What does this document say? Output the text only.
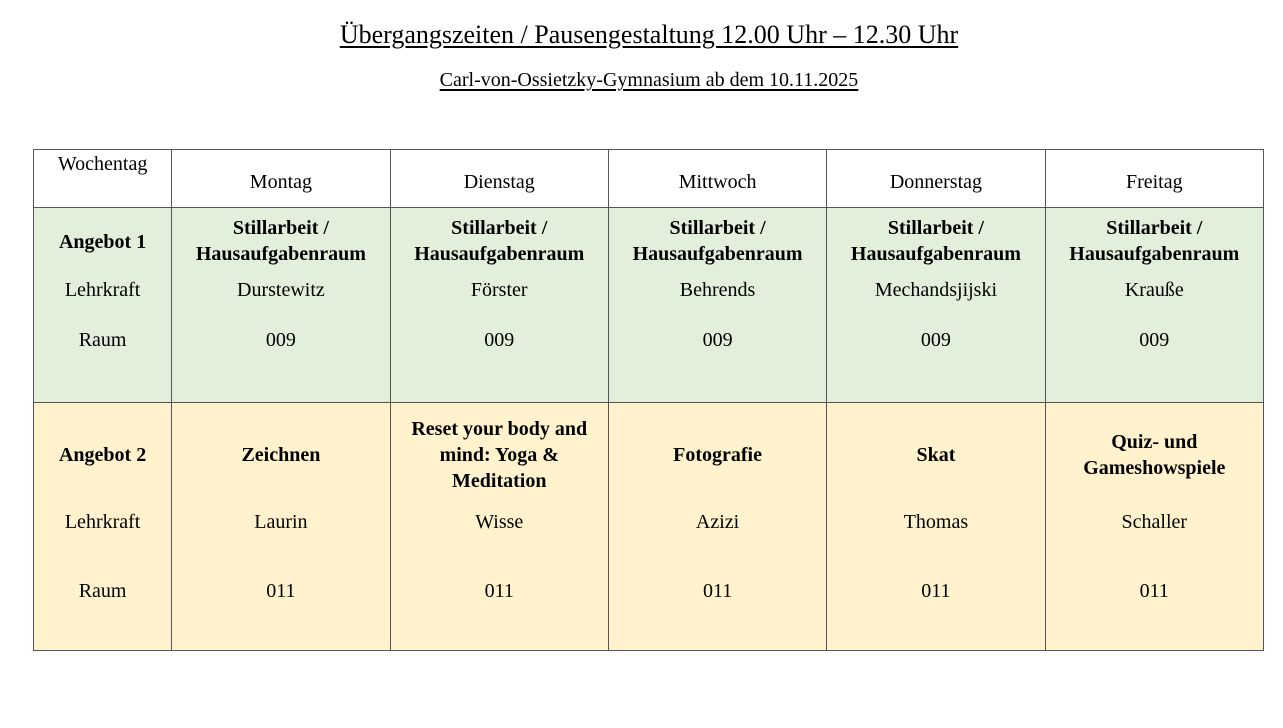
Übergangszeiten / Pausengestaltung 12.00 Uhr – 12.30 Uhr
Carl-von-Ossietzky-Gymnasium ab dem 10.11.2025
Wochentag	Montag	Dienstag	Mittwoch	Donnerstag	Freitag
Angebot 1	Stillarbeit / Hausaufgabenraum	Stillarbeit / Hausaufgabenraum	Stillarbeit / Hausaufgabenraum	Stillarbeit / Hausaufgabenraum	Stillarbeit / Hausaufgabenraum
Lehrkraft	Durstewitz	Förster	Behrends	Mechandsjijski	Krauße
Raum	009	009	009	009	009
Angebot 2	Zeichnen	Reset your body and mind: Yoga & Meditation	Fotografie	Skat	Quiz- und Gameshowspiele
Lehrkraft	Laurin	Wisse	Azizi	Thomas	Schaller
Raum	011	011	011	011	011
